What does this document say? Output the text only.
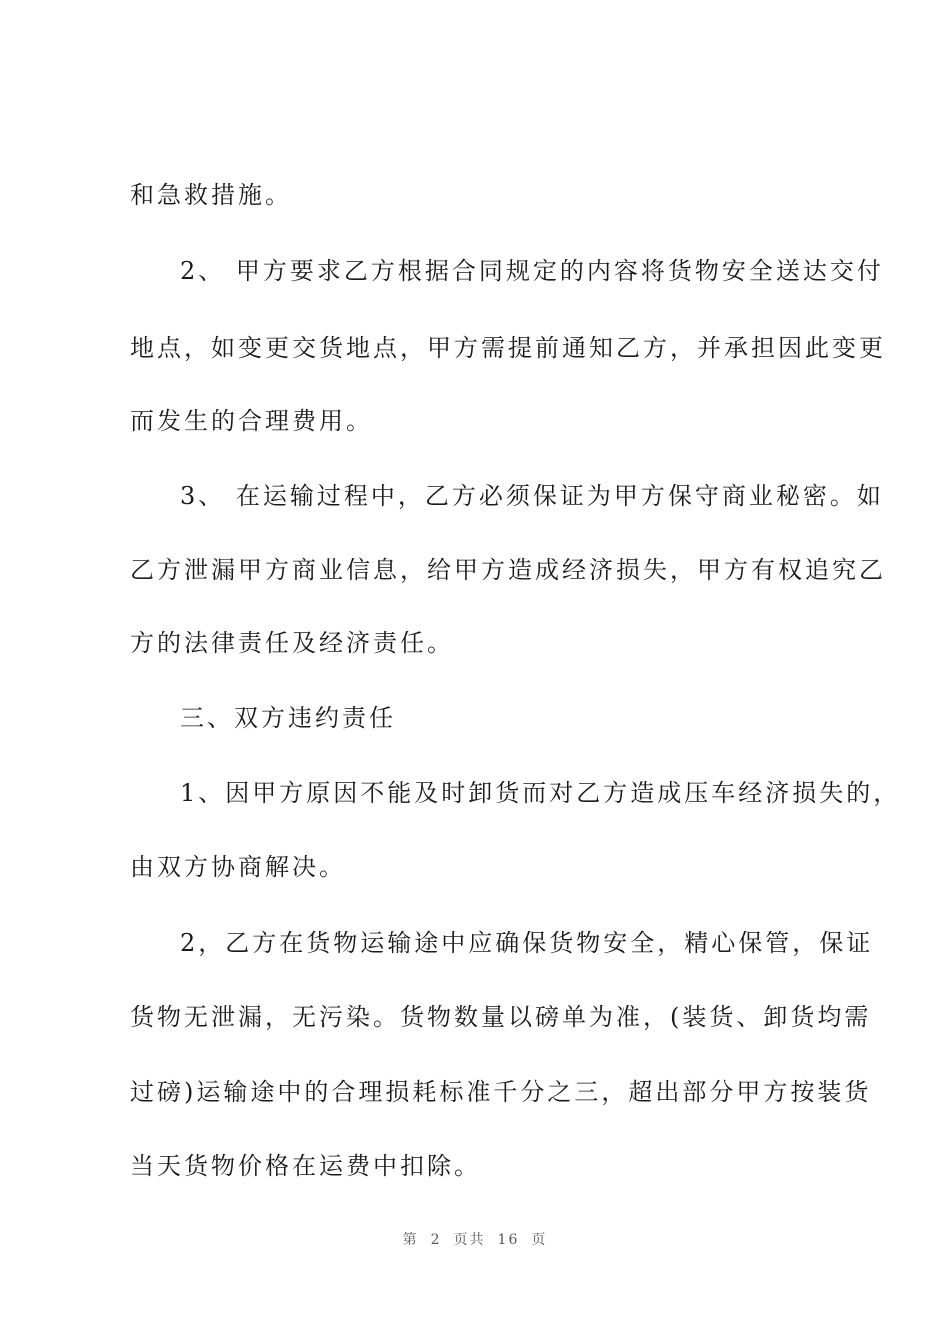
和急救措施。
2、 甲方要求乙方根据合同规定的内容将货物安全送达交付
地点，如变更交货地点，甲方需提前通知乙方，并承担因此变更
而发生的合理费用。
3、 在运输过程中，乙方必须保证为甲方保守商业秘密。如
乙方泄漏甲方商业信息，给甲方造成经济损失，甲方有权追究乙
方的法律责任及经济责任。
三、双方违约责任
1、因甲方原因不能及时卸货而对乙方造成压车经济损失的，
由双方协商解决。
2，乙方在货物运输途中应确保货物安全，精心保管，保证
货物无泄漏，无污染。货物数量以磅单为准，(装货、卸货均需
过磅)运输途中的合理损耗标准千分之三，超出部分甲方按装货
当天货物价格在运费中扣除。
第 2 页共 16 页
